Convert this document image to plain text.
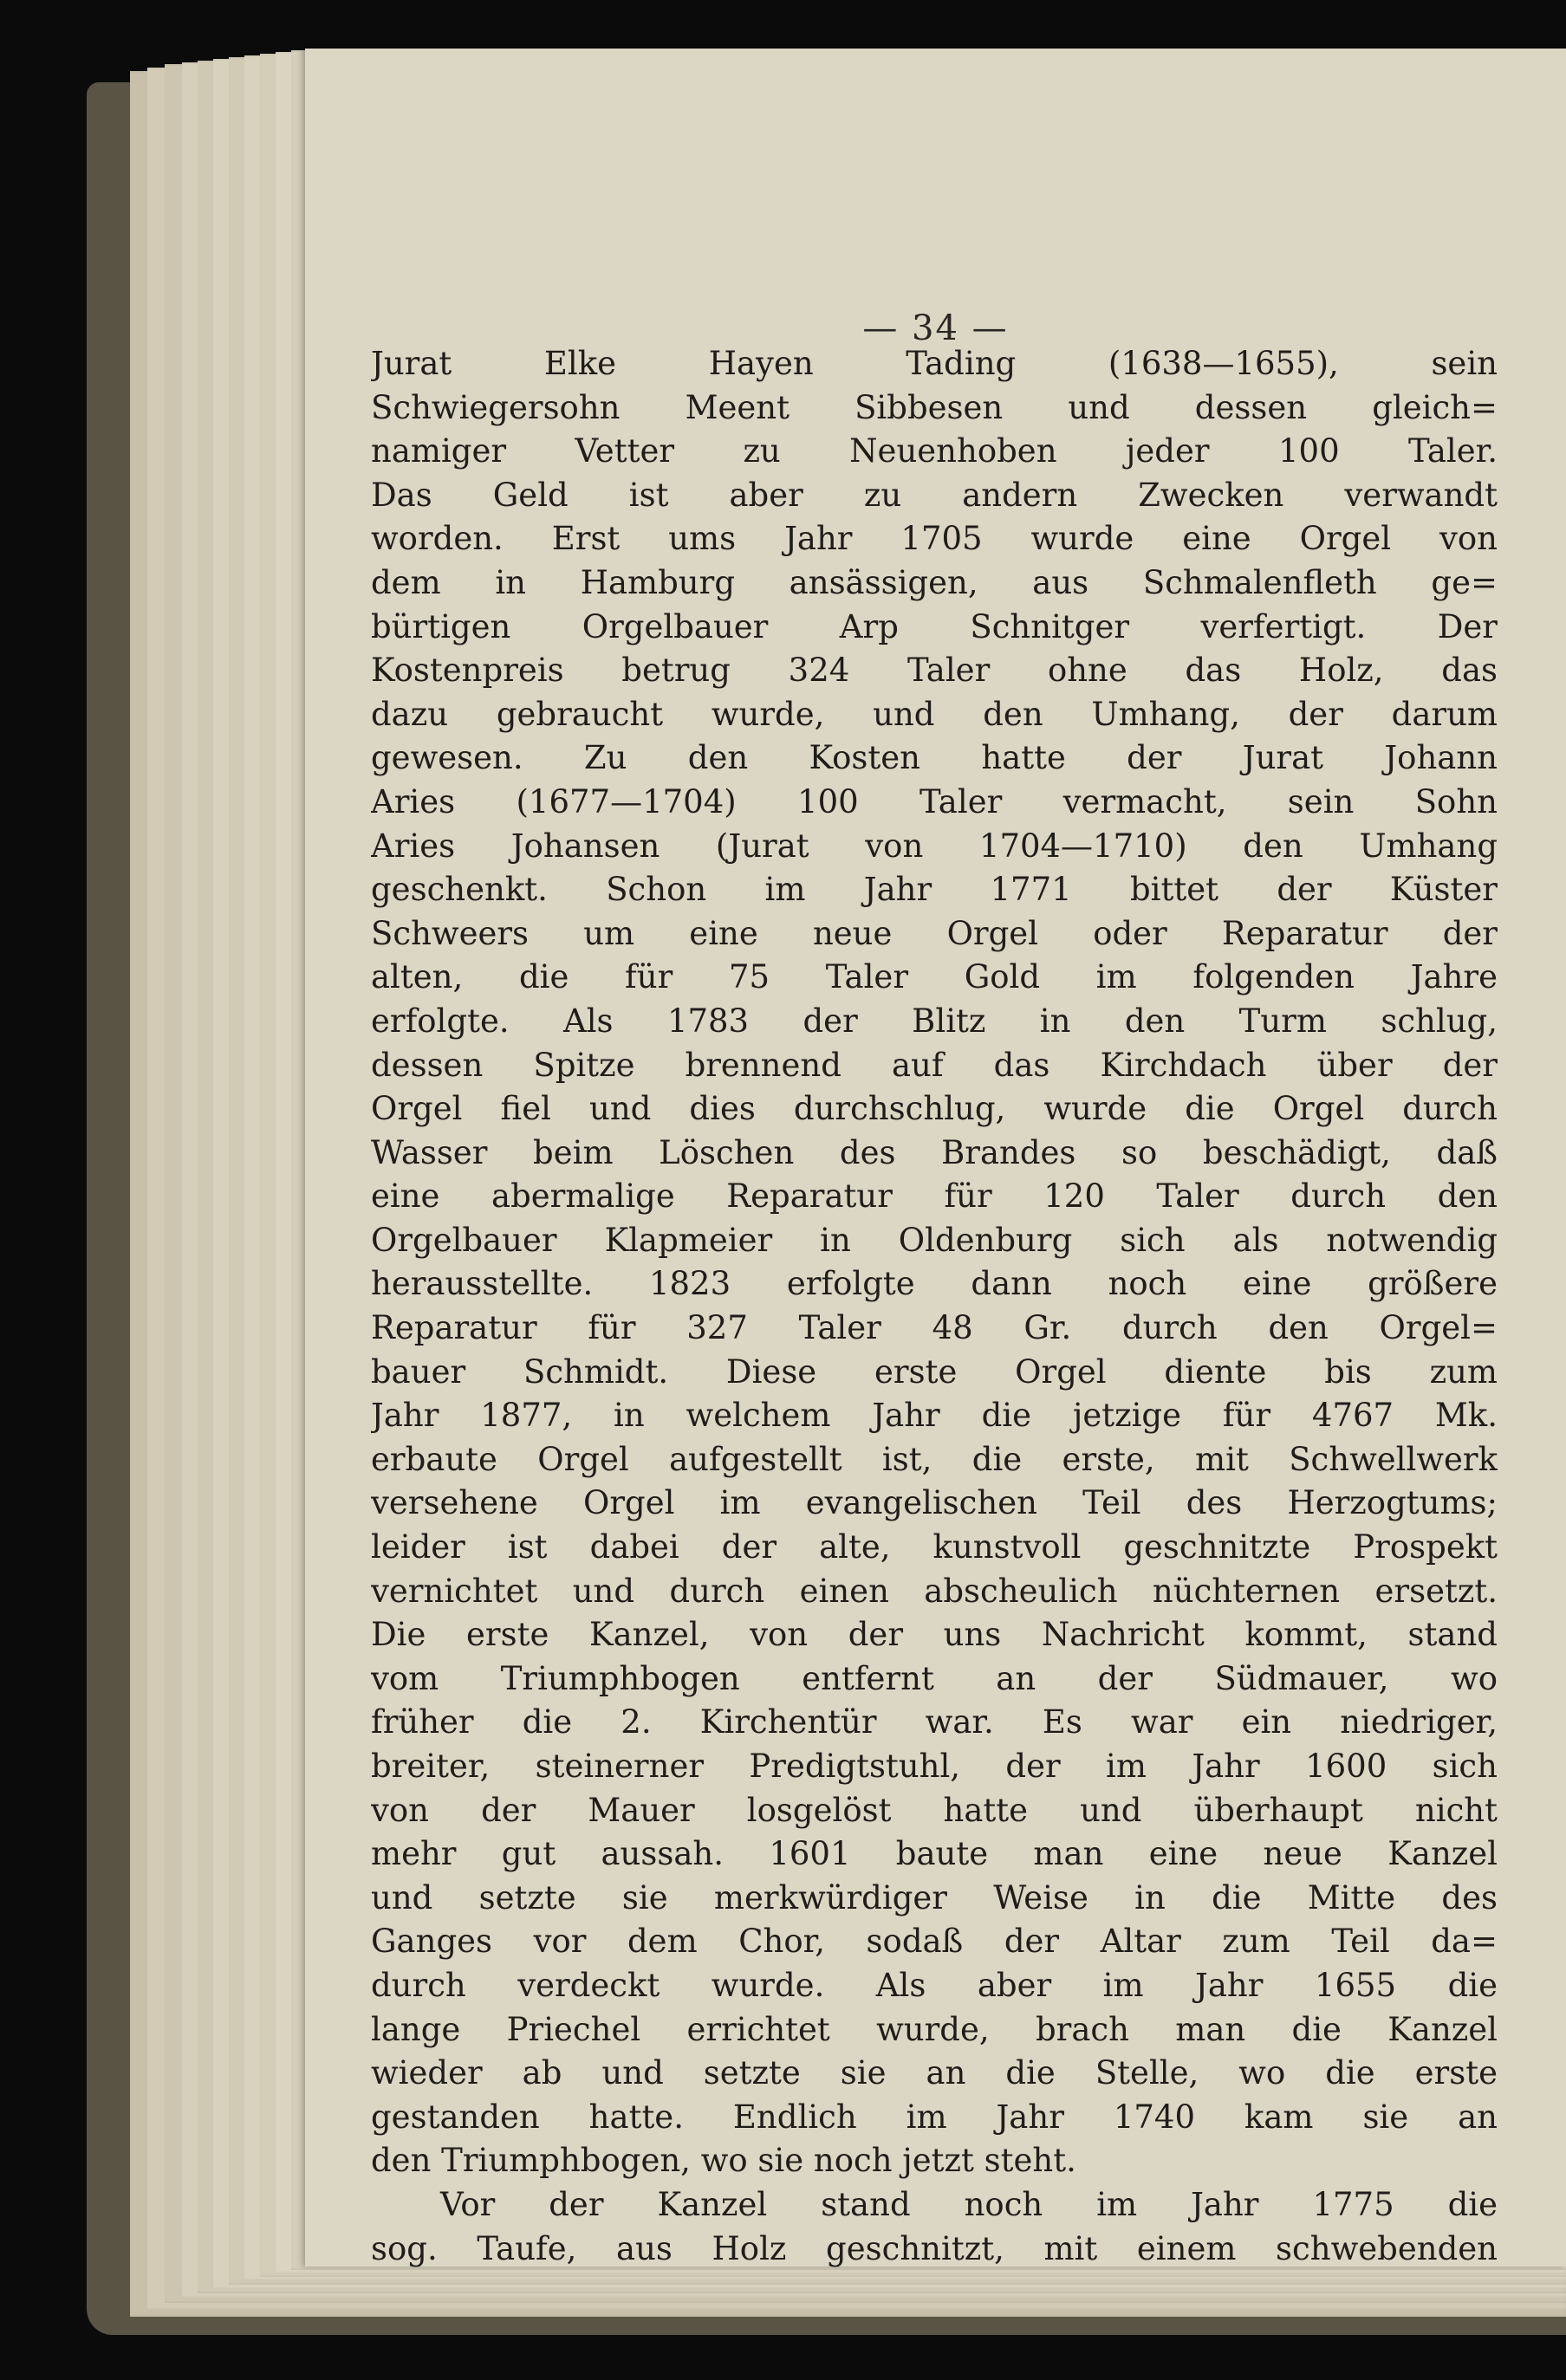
— 34 —
Jurat Elke Hayen Tading (1638—1655), sein
Schwiegersohn Meent Sibbesen und dessen gleich=
namiger Vetter zu Neuenhoben jeder 100 Taler.
Das Geld ist aber zu andern Zwecken verwandt
worden. Erst ums Jahr 1705 wurde eine Orgel von
dem in Hamburg ansässigen, aus Schmalenfleth ge=
bürtigen Orgelbauer Arp Schnitger verfertigt. Der
Kostenpreis betrug 324 Taler ohne das Holz, das
dazu gebraucht wurde, und den Umhang, der darum
gewesen. Zu den Kosten hatte der Jurat Johann
Aries (1677—1704) 100 Taler vermacht, sein Sohn
Aries Johansen (Jurat von 1704—1710) den Umhang
geschenkt. Schon im Jahr 1771 bittet der Küster
Schweers um eine neue Orgel oder Reparatur der
alten, die für 75 Taler Gold im folgenden Jahre
erfolgte. Als 1783 der Blitz in den Turm schlug,
dessen Spitze brennend auf das Kirchdach über der
Orgel fiel und dies durchschlug, wurde die Orgel durch
Wasser beim Löschen des Brandes so beschädigt, daß
eine abermalige Reparatur für 120 Taler durch den
Orgelbauer Klapmeier in Oldenburg sich als notwendig
herausstellte. 1823 erfolgte dann noch eine größere
Reparatur für 327 Taler 48 Gr. durch den Orgel=
bauer Schmidt. Diese erste Orgel diente bis zum
Jahr 1877, in welchem Jahr die jetzige für 4767 Mk.
erbaute Orgel aufgestellt ist, die erste, mit Schwellwerk
versehene Orgel im evangelischen Teil des Herzogtums;
leider ist dabei der alte, kunstvoll geschnitzte Prospekt
vernichtet und durch einen abscheulich nüchternen ersetzt.
Die erste Kanzel, von der uns Nachricht kommt, stand
vom Triumphbogen entfernt an der Südmauer, wo
früher die 2. Kirchentür war. Es war ein niedriger,
breiter, steinerner Predigtstuhl, der im Jahr 1600 sich
von der Mauer losgelöst hatte und überhaupt nicht
mehr gut aussah. 1601 baute man eine neue Kanzel
und setzte sie merkwürdiger Weise in die Mitte des
Ganges vor dem Chor, sodaß der Altar zum Teil da=
durch verdeckt wurde. Als aber im Jahr 1655 die
lange Priechel errichtet wurde, brach man die Kanzel
wieder ab und setzte sie an die Stelle, wo die erste
gestanden hatte. Endlich im Jahr 1740 kam sie an
den Triumphbogen, wo sie noch jetzt steht.
Vor der Kanzel stand noch im Jahr 1775 die
sog. Taufe, aus Holz geschnitzt, mit einem schwebenden
